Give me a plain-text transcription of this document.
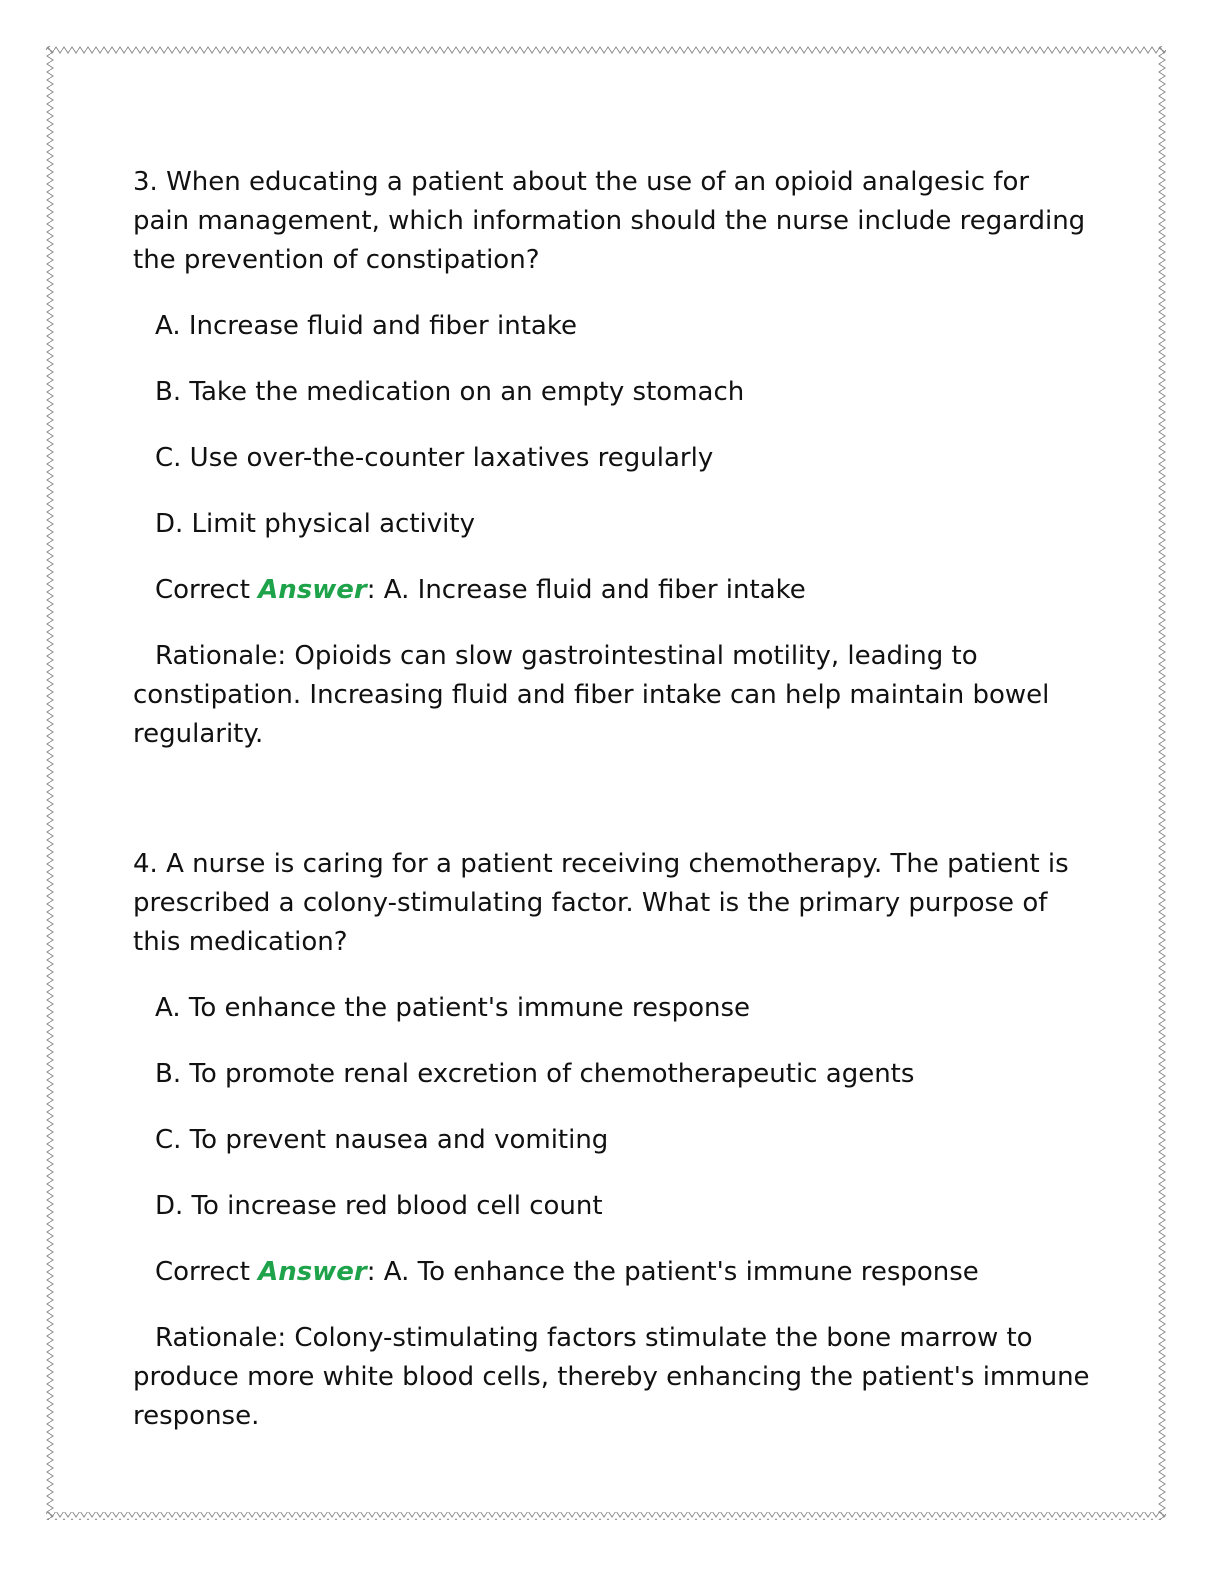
3. When educating a patient about the use of an opioid analgesic for pain management, which information should the nurse include regarding the prevention of constipation?

A. Increase fluid and fiber intake

B. Take the medication on an empty stomach

C. Use over-the-counter laxatives regularly

D. Limit physical activity

Correct Answer: A. Increase fluid and fiber intake

Rationale: Opioids can slow gastrointestinal motility, leading to constipation. Increasing fluid and fiber intake can help maintain bowel regularity.

4. A nurse is caring for a patient receiving chemotherapy. The patient is prescribed a colony-stimulating factor. What is the primary purpose of this medication?

A. To enhance the patient's immune response

B. To promote renal excretion of chemotherapeutic agents

C. To prevent nausea and vomiting

D. To increase red blood cell count

Correct Answer: A. To enhance the patient's immune response

Rationale: Colony-stimulating factors stimulate the bone marrow to produce more white blood cells, thereby enhancing the patient's immune response.
